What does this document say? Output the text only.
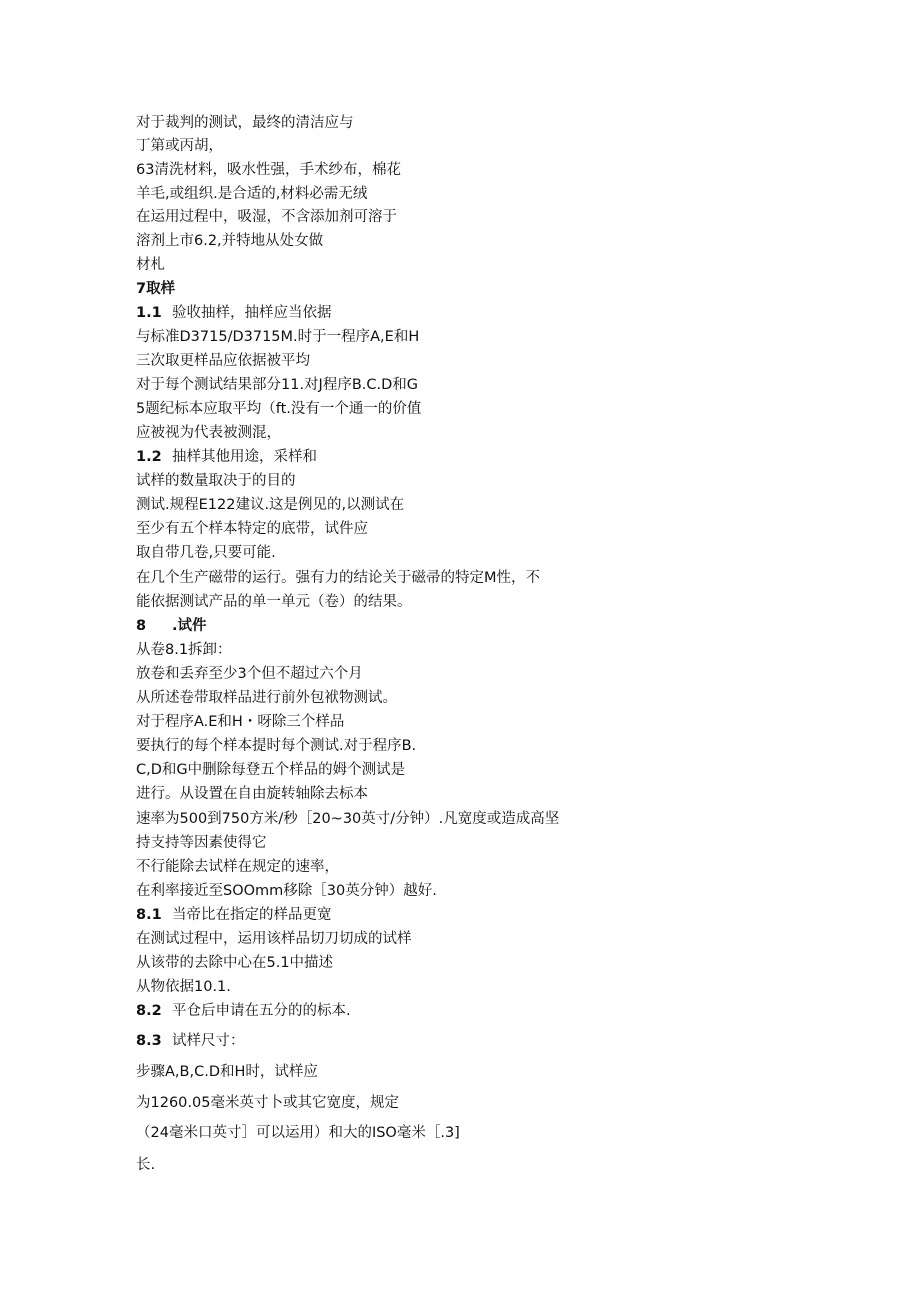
对于裁判的测试，最终的清洁应与
丁第或丙胡，
63清洗材料，吸水性强，手术纱布，棉花
羊毛,或组织.是合适的,材料必需无绒
在运用过程中，吸湿，不含添加剂可溶于
溶剂上市6.2,并特地从处女做
材札
7取样
1.1 验收抽样，抽样应当依据
与标准D3715/D3715M.时于一程序A,E和H
三次取更样品应依据被平均
对于每个测试结果部分11.对J程序B.C.D和G
5题纪标本应取平均（ft.没有一个通一的价值
应被视为代表被测混，
1.2 抽样其他用途，采样和
试样的数量取决于的目的
测试.规程E122建议.这是例见的,以测试在
至少有五个样本特定的底带，试件应
取自带几卷,只要可能.
在几个生产磁带的运行。强有力的结论关于磁帚的特定M性，不
能依据测试产品的单一单元（卷）的结果。
8 .试件
从卷8.1拆卸：
放卷和丢弃至少3个但不超过六个月
从所述卷带取样品进行前外包袱物测试。
对于程序A.E和H・呀除三个样品
要执行的每个样本提时每个测试.对于程序B.
C,D和G中删除每登五个样品的姆个测试是
进行。从设置在自由旋转轴除去标本
速率为500到750方米/秒［20~30英寸/分钟）.凡宽度或造成高坚
持支持等因素使得它
不行能除去试样在规定的速率，
在利率接近至SOOmm移除［30英分钟）越好.
8.1 当帝比在指定的样品更宽
在测试过程中，运用该样品切刀切成的试样
从该带的去除中心在5.1中描述
从物依据10.1.
8.2 平仓后申请在五分的的标本.
8.3 试样尺寸：
步骤A,B,C.D和H时，试样应
为1260.05毫米英寸卜或其它宽度，规定
（24毫米口英寸］可以运用）和大的ISO毫米［.3]
长.
